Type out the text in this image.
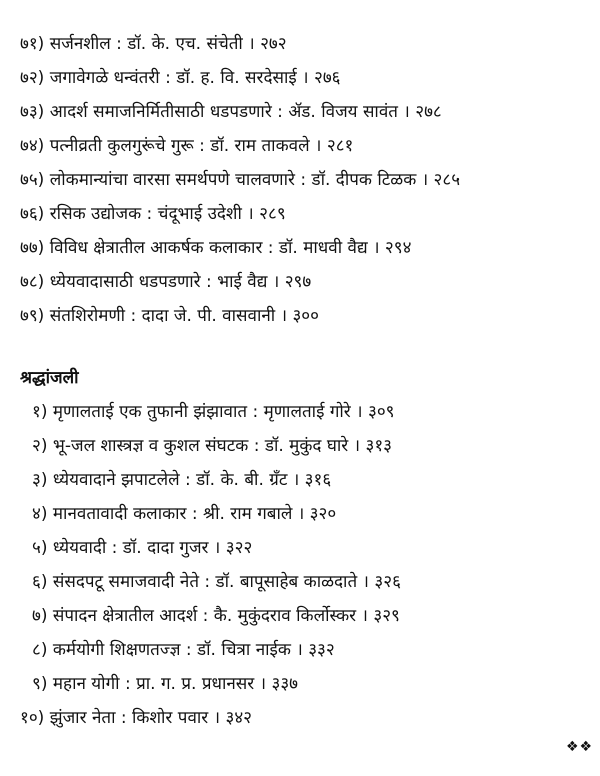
७१) सर्जनशील : डॉ. के. एच. संचेती । २७२
७२) जगावेगळे धन्वंतरी : डॉ. ह. वि. सरदेसाई । २७६
७३) आदर्श समाजनिर्मितीसाठी धडपडणारे : ॲड. विजय सावंत । २७८
७४) पत्नीव्रती कुलगुरूंचे गुरू : डॉ. राम ताकवले । २८१
७५) लोकमान्यांचा वारसा समर्थपणे चालवणारे : डॉ. दीपक टिळक । २८५
७६) रसिक उद्योजक : चंदूभाई उदेशी । २८९
७७) विविध क्षेत्रातील आकर्षक कलाकार : डॉ. माधवी वैद्य । २९४
७८) ध्येयवादासाठी धडपडणारे : भाई वैद्य । २९७
७९) संतशिरोमणी : दादा जे. पी. वासवानी । ३००
श्रद्धांजली
१) मृणालताई एक तुफानी झंझावात : मृणालताई गोरे । ३०९
२) भू-जल शास्त्रज्ञ व कुशल संघटक : डॉ. मुकुंद घारे । ३१३
३) ध्येयवादाने झपाटलेले : डॉ. के. बी. ग्रँट । ३१६
४) मानवतावादी कलाकार : श्री. राम गबाले । ३२०
५) ध्येयवादी : डॉ. दादा गुजर । ३२२
६) संसदपटू समाजवादी नेते : डॉ. बापूसाहेब काळदाते । ३२६
७) संपादन क्षेत्रातील आदर्श : कै. मुकुंदराव किर्लोस्कर । ३२९
८) कर्मयोगी शिक्षणतज्ज्ञ : डॉ. चित्रा नाईक । ३३२
९) महान योगी : प्रा. ग. प्र. प्रधानसर । ३३७
१०) झुंजार नेता : किशोर पवार । ३४२
❖❖
